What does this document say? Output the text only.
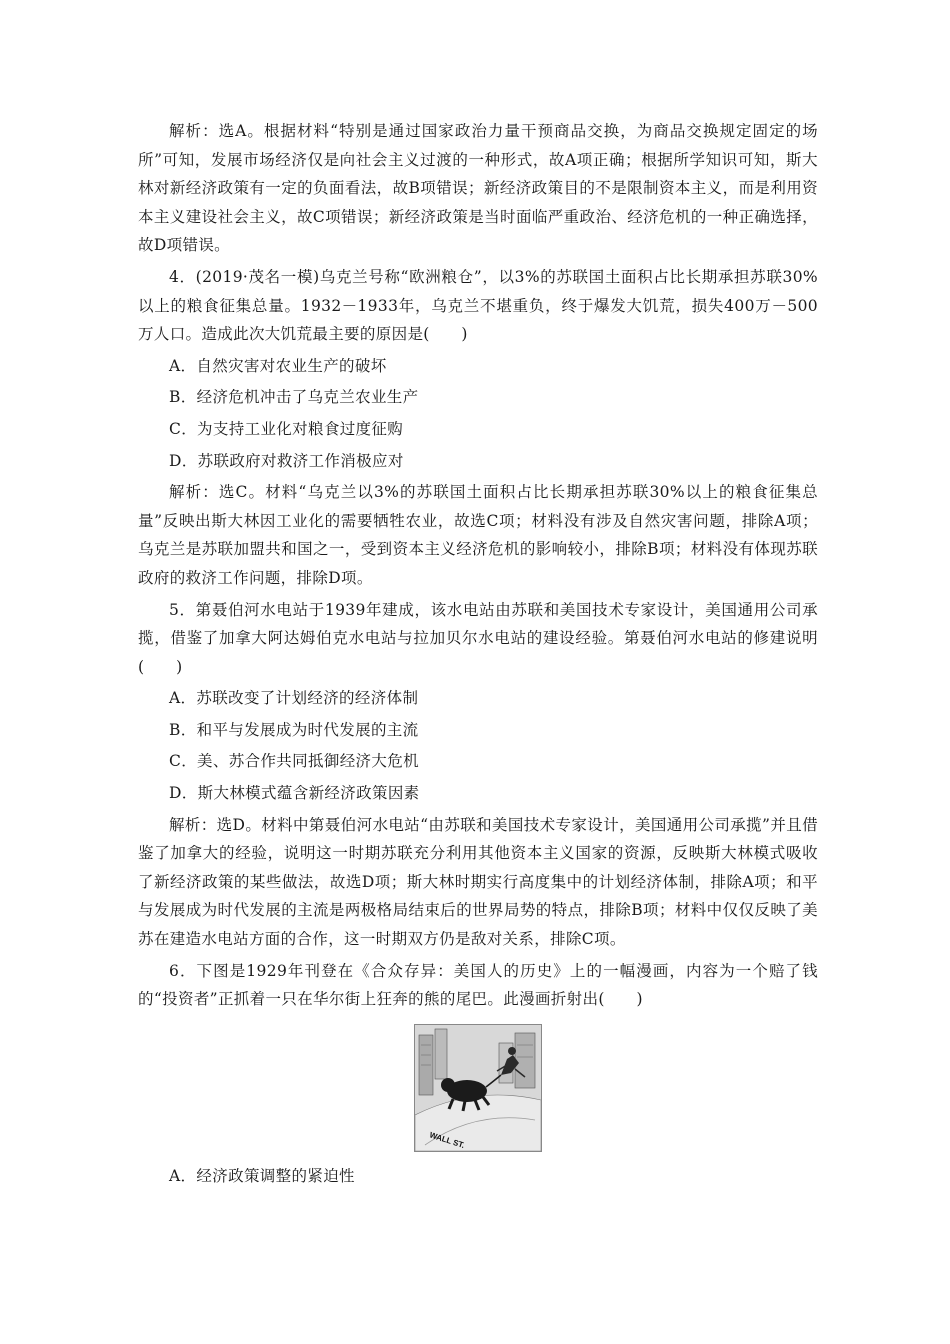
解析：选A。根据材料“特别是通过国家政治力量干预商品交换，为商品交换规定固定的场所”可知，发展市场经济仅是向社会主义过渡的一种形式，故A项正确；根据所学知识可知，斯大林对新经济政策有一定的负面看法，故B项错误；新经济政策目的不是限制资本主义，而是利用资本主义建设社会主义，故C项错误；新经济政策是当时面临严重政治、经济危机的一种正确选择，故D项错误。

4．(2019·茂名一模)乌克兰号称“欧洲粮仓”，以3%的苏联国土面积占比长期承担苏联30%以上的粮食征集总量。1932－1933年，乌克兰不堪重负，终于爆发大饥荒，损失400万－500万人口。造成此次大饥荒最主要的原因是(　　)

A．自然灾害对农业生产的破坏

B．经济危机冲击了乌克兰农业生产

C．为支持工业化对粮食过度征购

D．苏联政府对救济工作消极应对

解析：选C。材料“乌克兰以3%的苏联国土面积占比长期承担苏联30%以上的粮食征集总量”反映出斯大林因工业化的需要牺牲农业，故选C项；材料没有涉及自然灾害问题，排除A项；乌克兰是苏联加盟共和国之一，受到资本主义经济危机的影响较小，排除B项；材料没有体现苏联政府的救济工作问题，排除D项。

5．第聂伯河水电站于1939年建成，该水电站由苏联和美国技术专家设计，美国通用公司承揽，借鉴了加拿大阿达姆伯克水电站与拉加贝尔水电站的建设经验。第聂伯河水电站的修建说明(　　)

A．苏联改变了计划经济的经济体制

B．和平与发展成为时代发展的主流

C．美、苏合作共同抵御经济大危机

D．斯大林模式蕴含新经济政策因素

解析：选D。材料中第聂伯河水电站“由苏联和美国技术专家设计，美国通用公司承揽”并且借鉴了加拿大的经验，说明这一时期苏联充分利用其他资本主义国家的资源，反映斯大林模式吸收了新经济政策的某些做法，故选D项；斯大林时期实行高度集中的计划经济体制，排除A项；和平与发展成为时代发展的主流是两极格局结束后的世界局势的特点，排除B项；材料中仅仅反映了美苏在建造水电站方面的合作，这一时期双方仍是敌对关系，排除C项。

6．下图是1929年刊登在《合众存异：美国人的历史》上的一幅漫画，内容为一个赔了钱的“投资者”正抓着一只在华尔街上狂奔的熊的尾巴。此漫画折射出(　　)

WALL ST.

A．经济政策调整的紧迫性
